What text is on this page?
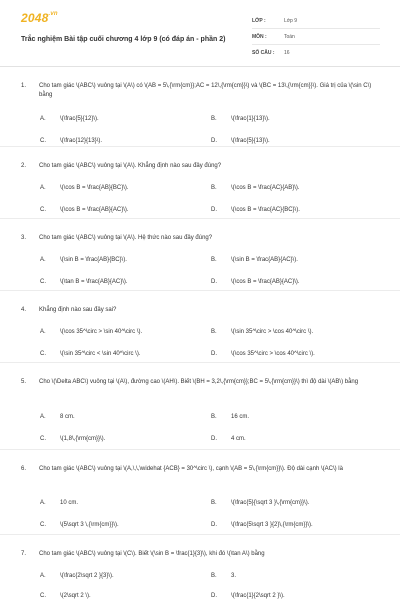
$2048^{.vn}$
Trắc nghiệm Bài tập cuối chương 4 lớp 9 (có đáp án - phần 2)
LỚP :	Lớp 9
MÔN :	Toán
SỐ CÂU :	16
1.	Cho tam giác \(ABC\) vuông tại \(A\) có \(AB = 5\,{\rm{cm}};AC = 12\,{\rm{cm}}\) và \(BC = 13\,{\rm{cm}}\). Giá trị của \(\sin C\) bằng
A.	\(\frac{5}{12}\).	B.	\(\frac{1}{13}\).
C.	\(\frac{12}{13}\).	D.	\(\frac{5}{13}\).
2.	Cho tam giác \(ABC\) vuông tại \(A\). Khẳng định nào sau đây đúng?
A.	\(\cos B = \frac{AB}{BC}\).	B.	\(\cos B = \frac{AC}{AB}\).
C.	\(\cos B = \frac{AB}{AC}\).	D.	\(\cos B = \frac{AC}{BC}\).
3.	Cho tam giác \(ABC\) vuông tại \(A\). Hệ thức nào sau đây đúng?
A.	\(\sin B = \frac{AB}{BC}\).	B.	\(\sin B = \frac{AB}{AC}\).
C.	\(\tan B = \frac{AB}{AC}\).	D.	\(\cos B = \frac{AB}{AC}\).
4.	Khẳng định nào sau đây sai?
A.	\(\cos 35^\circ > \sin 40^\circ \).	B.	\(\sin 35^\circ > \cos 40^\circ \).
C.	\(\sin 35^\circ < \sin 40^\circ \).	D.	\(\cos 35^\circ > \cos 40^\circ \).
5.	Cho \(\Delta ABC\) vuông tại \(A\), đường cao \(AH\). Biết \(BH = 3,2\,{\rm{cm}};BC = 5\,{\rm{cm}}\) thì độ dài \(AB\) bằng
A.	8 cm.	B.	16 cm.
C.	\(1,8\,{\rm{cm}}\).	D.	4 cm.
6.	Cho tam giác \(ABC\) vuông tại \(A,\,\,\widehat {ACB} = 30^\circ \), cạnh \(AB = 5\,{\rm{cm}}\). Độ dài cạnh \(AC\) là
A.	10 cm.	B.	\(\frac{5}{\sqrt 3 }\,{\rm{cm}}\).
C.	\(5\sqrt 3 \,{\rm{cm}}\).	D.	\(\frac{5\sqrt 3 }{2}\,{\rm{cm}}\).
7.	Cho tam giác \(ABC\) vuông tại \(C\). Biết \(\sin B = \frac{1}{3}\), khi đó \(\tan A\) bằng
A.	\(\frac{2\sqrt 2 }{3}\).	B.	3.
C.	\(2\sqrt 2 \).	D.	\(\frac{1}{2\sqrt 2 }\).
